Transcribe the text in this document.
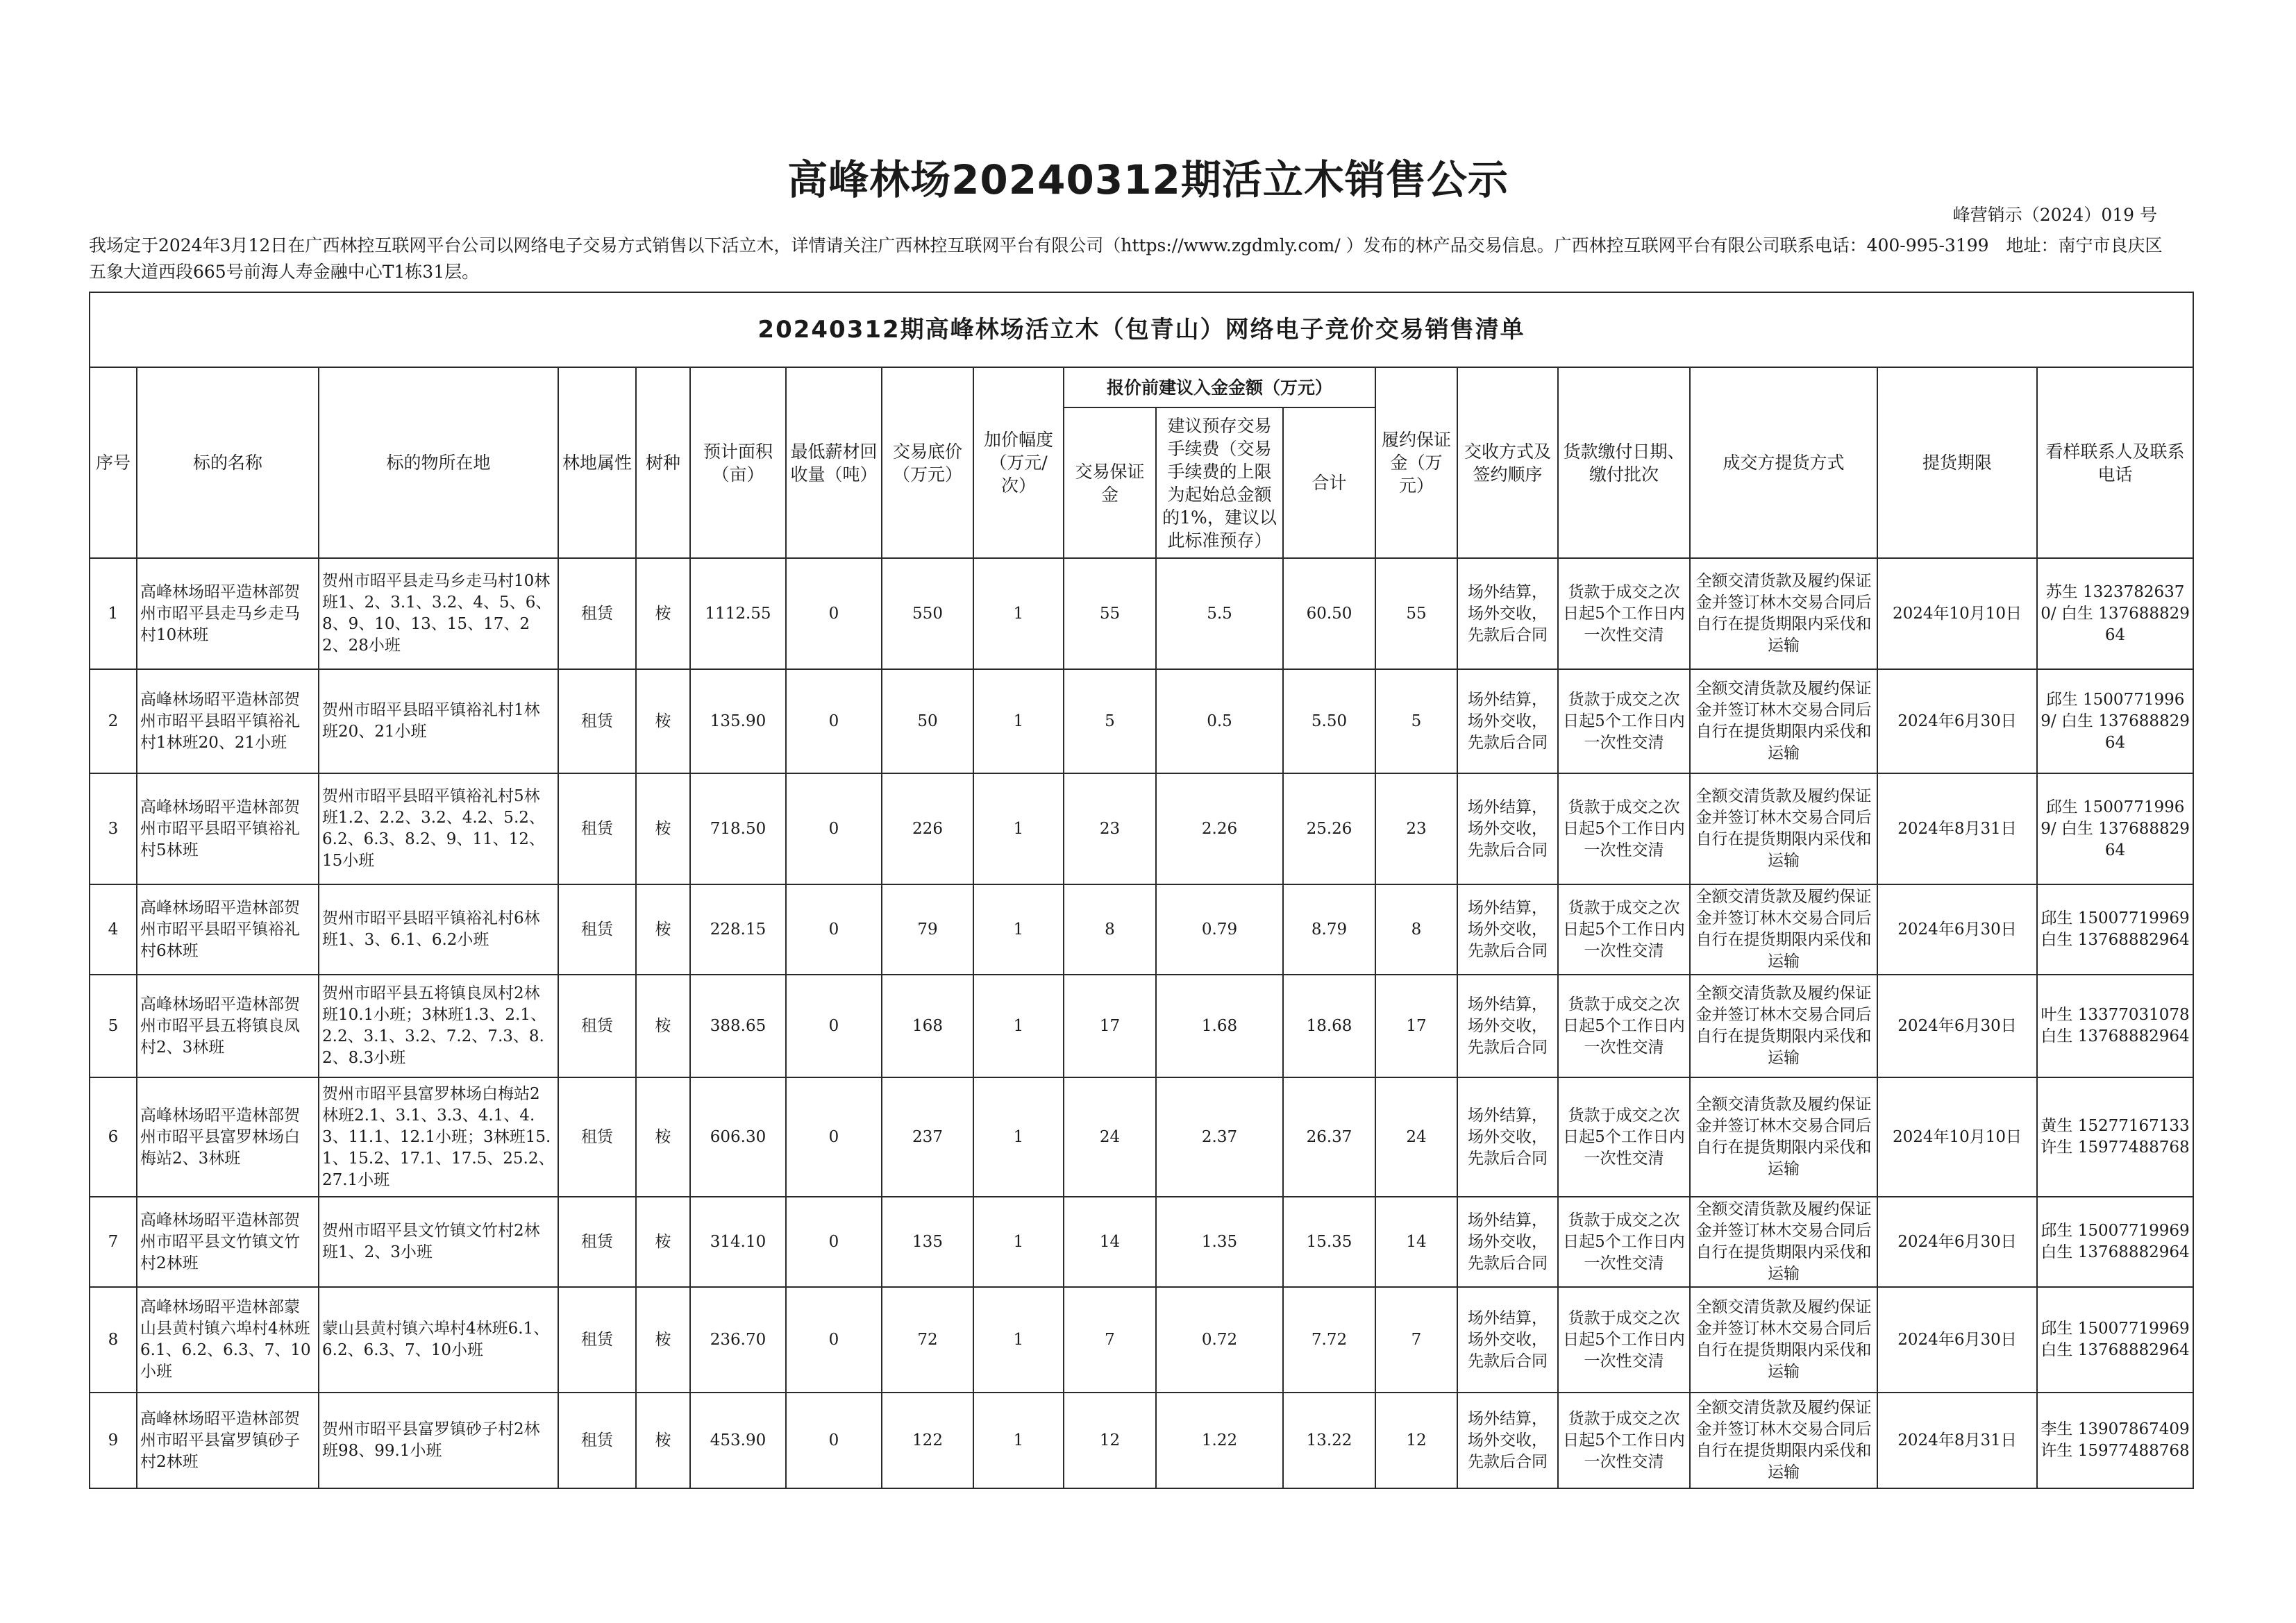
高峰林场20240312期活立木销售公示

峰营销示（2024）019 号

我场定于2024年3月12日在广西林控互联网平台公司以网络电子交易方式销售以下活立木，详情请关注广西林控互联网平台有限公司（https://www.zgdmly.com/ ）发布的林产品交易信息。广西林控互联网平台有限公司联系电话：400-995-3199　地址：南宁市良庆区五象大道西段665号前海人寿金融中心T1栋31层。

20240312期高峰林场活立木（包青山）网络电子竞价交易销售清单																	
序号	标的名称	标的物所在地	林地属性	树种	预计面积（亩）	最低薪材回收量（吨）	交易底价（万元）	加价幅度（万元/次）	报价前建议入金金额（万元）			履约保证金（万元）	交收方式及签约顺序	货款缴付日期、缴付批次	成交方提货方式	提货期限	看样联系人及联系电话
									交易保证金	建议预存交易手续费（交易手续费的上限为起始总金额的1%，建议以此标准预存）	合计						
1	高峰林场昭平造林部贺州市昭平县走马乡走马村10林班	贺州市昭平县走马乡走马村10林班1、2、3.1、3.2、4、5、6、8、9、10、13、15、17、22、28小班	租赁	桉	1112.55	0	550	1	55	5.5	60.50	55	场外结算，场外交收，先款后合同	货款于成交之次日起5个工作日内一次性交清	全额交清货款及履约保证金并签订林木交易合同后自行在提货期限内采伐和运输	2024年10月10日	苏生 13237826370/ 白生 13768882964
2	高峰林场昭平造林部贺州市昭平县昭平镇裕礼村1林班20、21小班	贺州市昭平县昭平镇裕礼村1林班20、21小班	租赁	桉	135.90	0	50	1	5	0.5	5.50	5	场外结算，场外交收，先款后合同	货款于成交之次日起5个工作日内一次性交清	全额交清货款及履约保证金并签订林木交易合同后自行在提货期限内采伐和运输	2024年6月30日	邱生 15007719969/ 白生 13768882964
3	高峰林场昭平造林部贺州市昭平县昭平镇裕礼村5林班	贺州市昭平县昭平镇裕礼村5林班1.2、2.2、3.2、4.2、5.2、6.2、6.3、8.2、9、11、12、15小班	租赁	桉	718.50	0	226	1	23	2.26	25.26	23	场外结算，场外交收，先款后合同	货款于成交之次日起5个工作日内一次性交清	全额交清货款及履约保证金并签订林木交易合同后自行在提货期限内采伐和运输	2024年8月31日	邱生 15007719969/ 白生 13768882964
4	高峰林场昭平造林部贺州市昭平县昭平镇裕礼村6林班	贺州市昭平县昭平镇裕礼村6林班1、3、6.1、6.2小班	租赁	桉	228.15	0	79	1	8	0.79	8.79	8	场外结算，场外交收，先款后合同	货款于成交之次日起5个工作日内一次性交清	全额交清货款及履约保证金并签订林木交易合同后自行在提货期限内采伐和运输	2024年6月30日	邱生 15007719969 白生 13768882964
5	高峰林场昭平造林部贺州市昭平县五将镇良凤村2、3林班	贺州市昭平县五将镇良凤村2林班10.1小班；3林班1.3、2.1、2.2、3.1、3.2、7.2、7.3、8.2、8.3小班	租赁	桉	388.65	0	168	1	17	1.68	18.68	17	场外结算，场外交收，先款后合同	货款于成交之次日起5个工作日内一次性交清	全额交清货款及履约保证金并签订林木交易合同后自行在提货期限内采伐和运输	2024年6月30日	叶生 13377031078 白生 13768882964
6	高峰林场昭平造林部贺州市昭平县富罗林场白梅站2、3林班	贺州市昭平县富罗林场白梅站2林班2.1、3.1、3.3、4.1、4.3、11.1、12.1小班；3林班15.1、15.2、17.1、17.5、25.2、27.1小班	租赁	桉	606.30	0	237	1	24	2.37	26.37	24	场外结算，场外交收，先款后合同	货款于成交之次日起5个工作日内一次性交清	全额交清货款及履约保证金并签订林木交易合同后自行在提货期限内采伐和运输	2024年10月10日	黄生 15277167133 许生 15977488768
7	高峰林场昭平造林部贺州市昭平县文竹镇文竹村2林班	贺州市昭平县文竹镇文竹村2林班1、2、3小班	租赁	桉	314.10	0	135	1	14	1.35	15.35	14	场外结算，场外交收，先款后合同	货款于成交之次日起5个工作日内一次性交清	全额交清货款及履约保证金并签订林木交易合同后自行在提货期限内采伐和运输	2024年6月30日	邱生 15007719969 白生 13768882964
8	高峰林场昭平造林部蒙山县黄村镇六埠村4林班6.1、6.2、6.3、7、10小班	蒙山县黄村镇六埠村4林班6.1、6.2、6.3、7、10小班	租赁	桉	236.70	0	72	1	7	0.72	7.72	7	场外结算，场外交收，先款后合同	货款于成交之次日起5个工作日内一次性交清	全额交清货款及履约保证金并签订林木交易合同后自行在提货期限内采伐和运输	2024年6月30日	邱生 15007719969 白生 13768882964
9	高峰林场昭平造林部贺州市昭平县富罗镇砂子村2林班	贺州市昭平县富罗镇砂子村2林班98、99.1小班	租赁	桉	453.90	0	122	1	12	1.22	13.22	12	场外结算，场外交收，先款后合同	货款于成交之次日起5个工作日内一次性交清	全额交清货款及履约保证金并签订林木交易合同后自行在提货期限内采伐和运输	2024年8月31日	李生 13907867409 许生 15977488768
